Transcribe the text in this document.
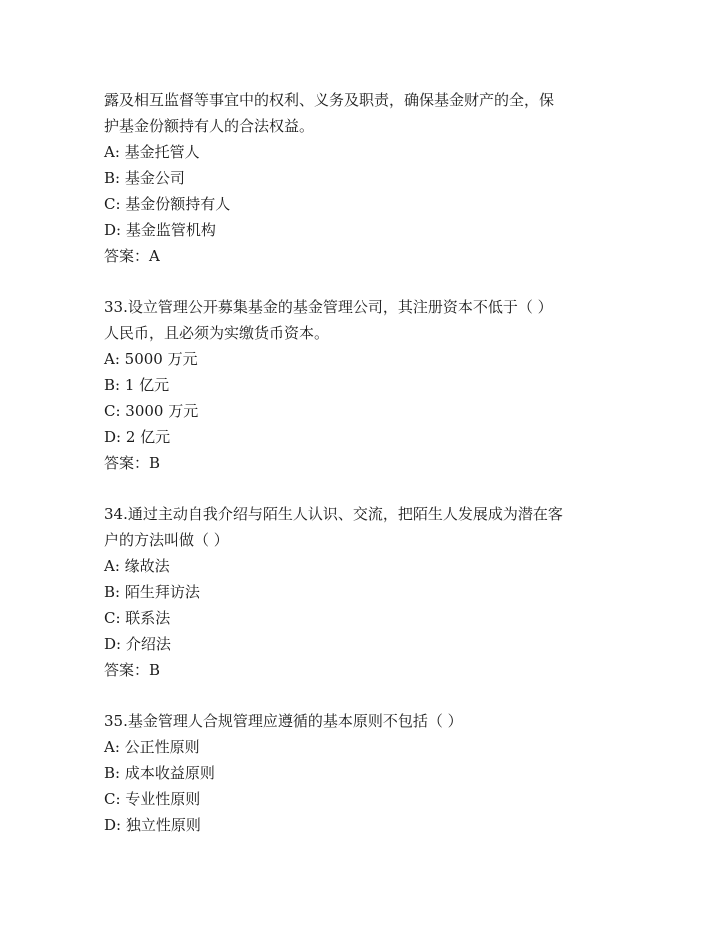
露及相互监督等事宜中的权利、义务及职责，确保基金财产的全，保
护基金份额持有人的合法权益。
A: 基金托管人
B: 基金公司
C: 基金份额持有人
D: 基金监管机构
答案：A
33.设立管理公开募集基金的基金管理公司，其注册资本不低于（ ）
人民币，且必须为实缴货币资本。
A: 5000 万元
B: 1 亿元
C: 3000 万元
D: 2 亿元
答案：B
34.通过主动自我介绍与陌生人认识、交流，把陌生人发展成为潜在客
户的方法叫做（ ）
A: 缘故法
B: 陌生拜访法
C: 联系法
D: 介绍法
答案：B
35.基金管理人合规管理应遵循的基本原则不包括（ ）
A: 公正性原则
B: 成本收益原则
C: 专业性原则
D: 独立性原则
